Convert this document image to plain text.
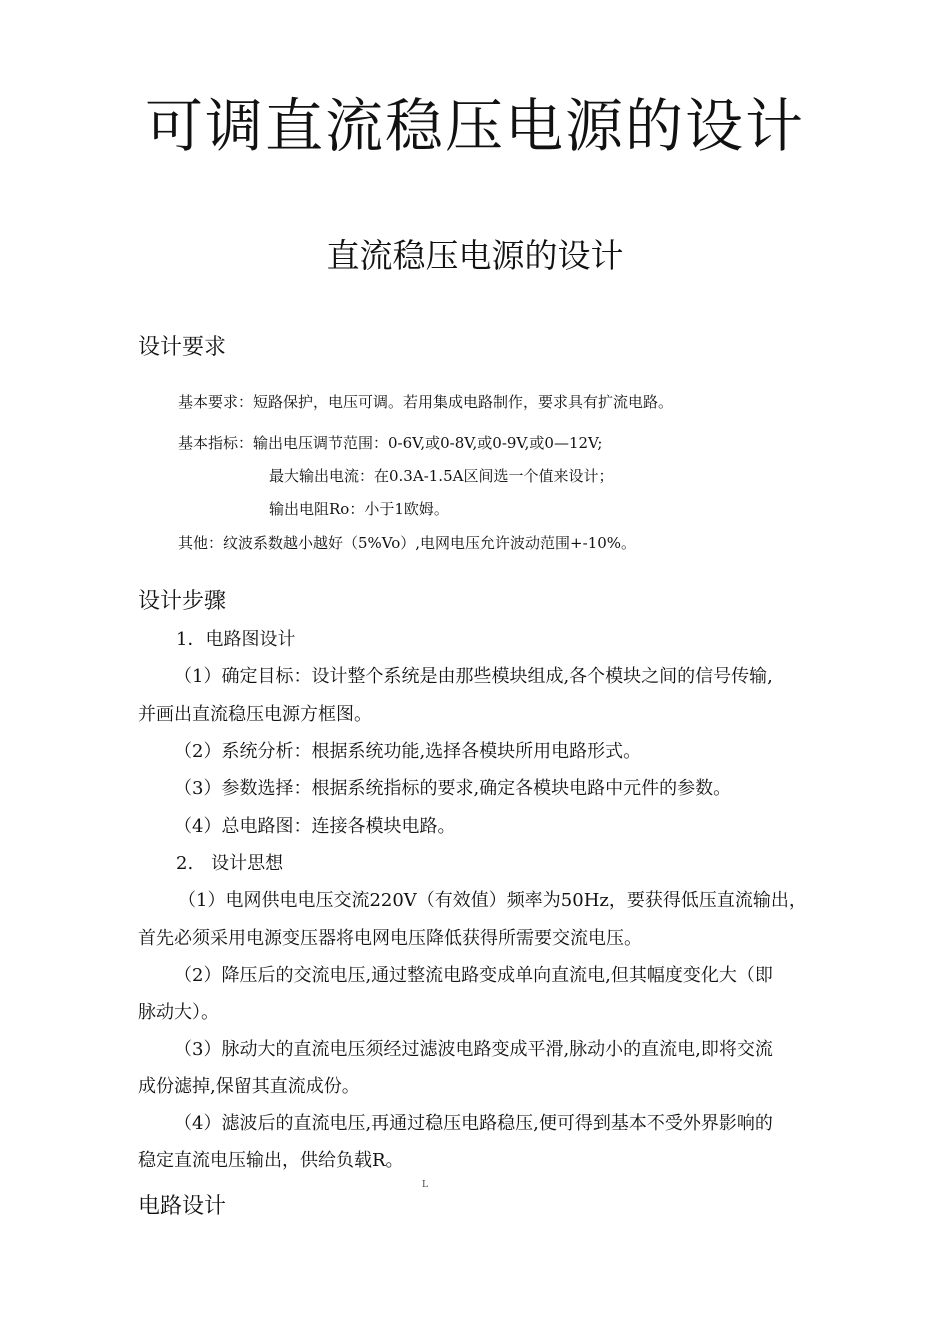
可调直流稳压电源的设计
直流稳压电源的设计
设计要求
基本要求：短路保护，电压可调。若用集成电路制作，要求具有扩流电路。
基本指标：输出电压调节范围：0-6V,或0-8V,或0-9V,或0—12V;
最大输出电流：在0.3A-1.5A区间选一个值来设计；
输出电阻Ro：小于1欧姆。
其他：纹波系数越小越好（5%Vo）,电网电压允许波动范围+-10%。
设计步骤
1．电路图设计
（1）确定目标：设计整个系统是由那些模块组成,各个模块之间的信号传输,
并画出直流稳压电源方框图。
（2）系统分析：根据系统功能,选择各模块所用电路形式。
（3）参数选择：根据系统指标的要求,确定各模块电路中元件的参数。
（4）总电路图：连接各模块电路。
2.　设计思想
（1）电网供电电压交流220V（有效值）频率为50Hz，要获得低压直流输出，
首先必须采用电源变压器将电网电压降低获得所需要交流电压。
（2）降压后的交流电压,通过整流电路变成单向直流电,但其幅度变化大（即
脉动大）。
（3）脉动大的直流电压须经过滤波电路变成平滑,脉动小的直流电,即将交流
成份滤掉,保留其直流成份。
（4）滤波后的直流电压,再通过稳压电路稳压,便可得到基本不受外界影响的
稳定直流电压输出，供给负载R。
L
电路设计
